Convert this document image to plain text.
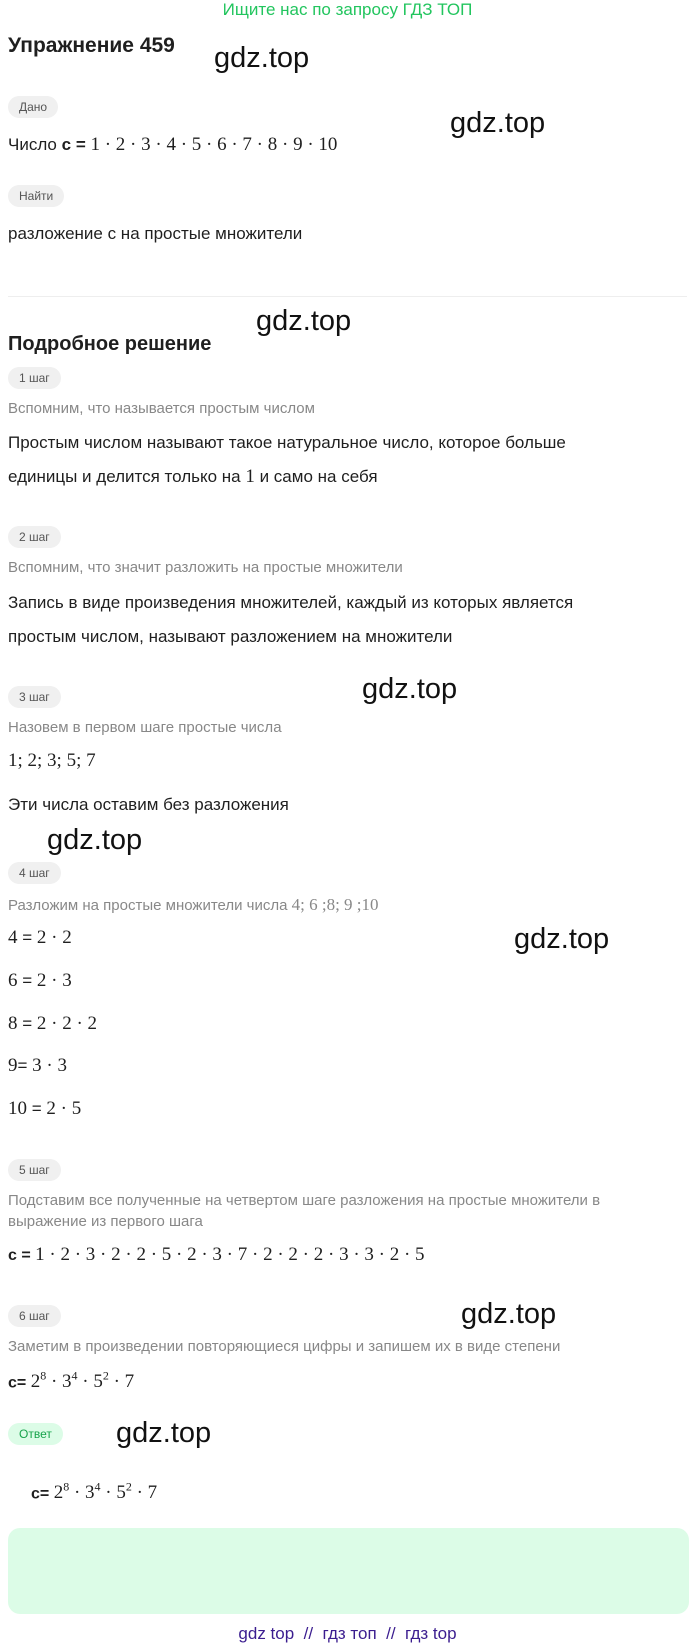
Ищите нас по запросу ГДЗ ТОП
Упражнение 459 gdz.top
gdz.top
gdz.top
gdz.top
gdz.top
gdz.top
gdz.top
gdz.top
Дано
Число с = 1 · 2 · 3 · 4 · 5 · 6 · 7 · 8 · 9 · 10
Найти
разложение с на простые множители
Подробное решение
1 шаг
Вспомним, что называется простым числом
Простым числом называют такое натуральное число, которое больше
единицы и делится только на 1 и само на себя
2 шаг
Вспомним, что значит разложить на простые множители
Запись в виде произведения множителей, каждый из которых является
простым числом, называют разложением на множители
3 шаг
Назовем в первом шаге простые числа
1; 2; 3; 5; 7
Эти числа оставим без разложения
4 шаг
Разложим на простые множители числа 4; 6 ;8; 9 ;10
4 = 2 · 2
6 = 2 · 3
8 = 2 · 2 · 2
9= 3 · 3
10 = 2 · 5
5 шаг
Подставим все полученные на четвертом шаге разложения на простые множители в
выражение из первого шага
с = 1 · 2 · 3 · 2 · 2 · 5 · 2 · 3 · 7 · 2 · 2 · 2 · 3 · 3 · 2 · 5
6 шаг
Заметим в произведении повторяющиеся цифры и запишем их в виде степени
$с= 2^8 \cdot 3^4 \cdot 5^2 \cdot 7$
Ответ
$с= 2^8 \cdot 3^4 \cdot 5^2 \cdot 7$
gdz top // гдз топ // гдз top
